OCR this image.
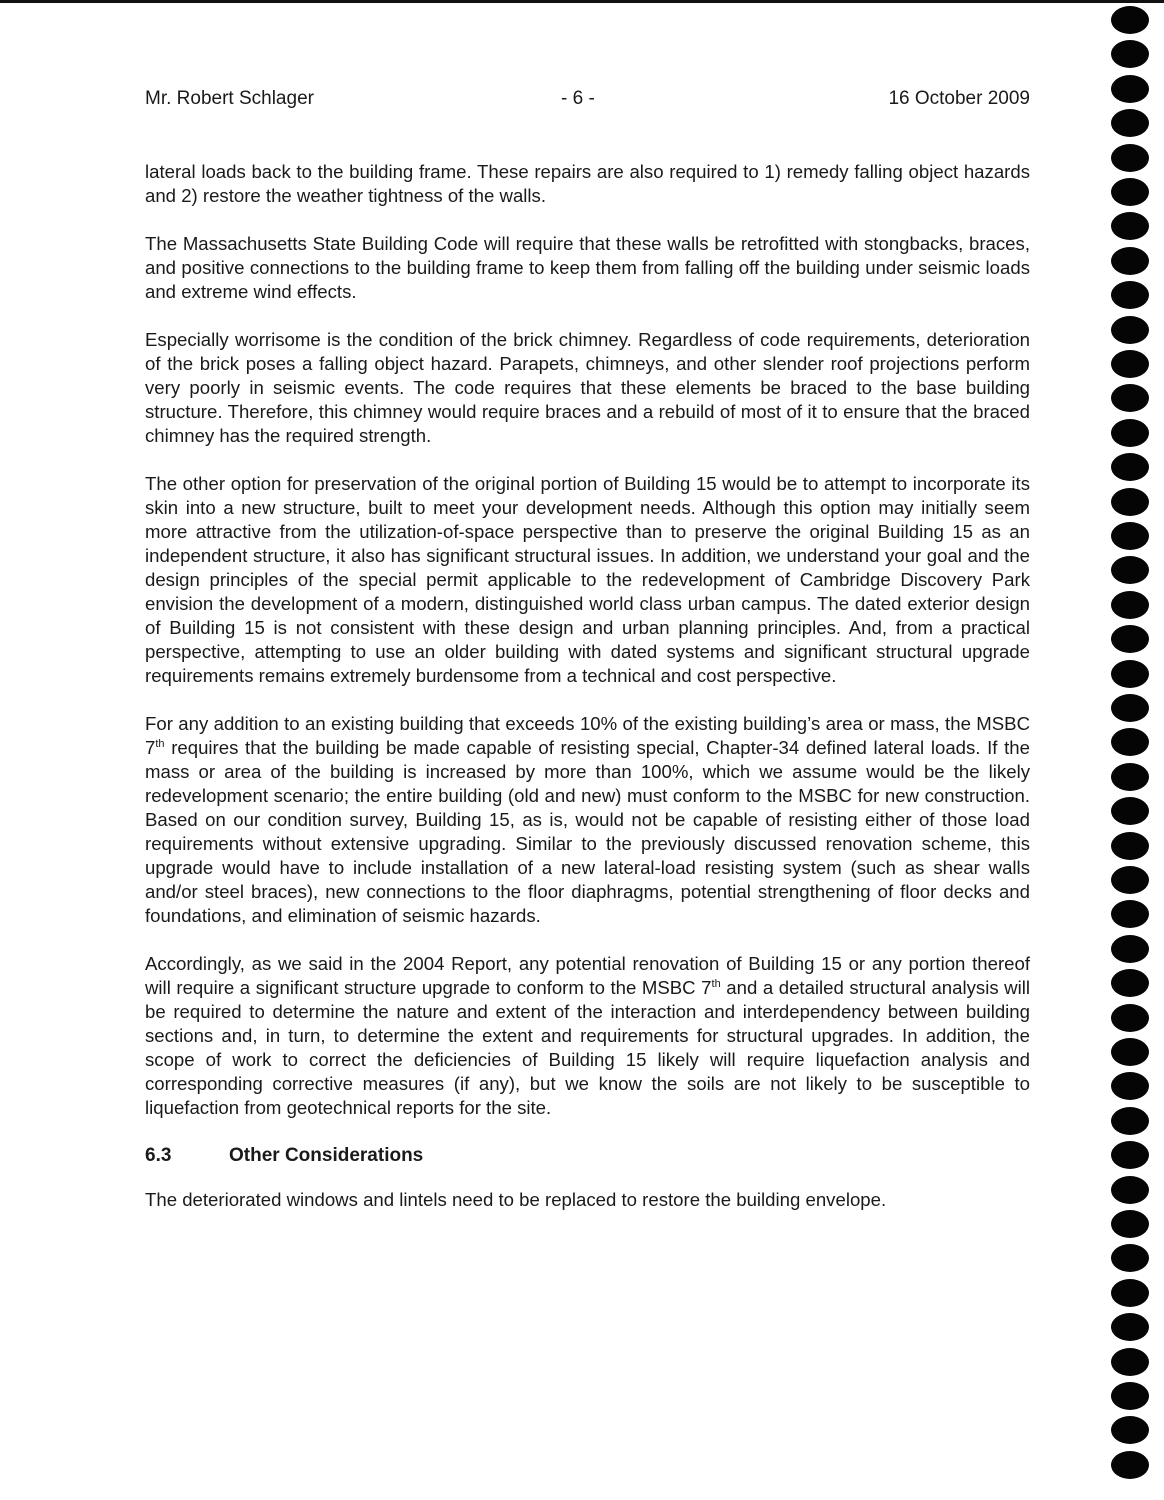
Mr. Robert Schlager	- 6 -	16 October 2009

lateral loads back to the building frame. These repairs are also required to 1) remedy falling object hazards and 2) restore the weather tightness of the walls.

The Massachusetts State Building Code will require that these walls be retrofitted with stongbacks, braces, and positive connections to the building frame to keep them from falling off the building under seismic loads and extreme wind effects.

Especially worrisome is the condition of the brick chimney. Regardless of code requirements, deterioration of the brick poses a falling object hazard. Parapets, chimneys, and other slender roof projections perform very poorly in seismic events. The code requires that these elements be braced to the base building structure. Therefore, this chimney would require braces and a rebuild of most of it to ensure that the braced chimney has the required strength.

The other option for preservation of the original portion of Building 15 would be to attempt to incorporate its skin into a new structure, built to meet your development needs. Although this option may initially seem more attractive from the utilization-of-space perspective than to preserve the original Building 15 as an independent structure, it also has significant structural issues. In addition, we understand your goal and the design principles of the special permit applicable to the redevelopment of Cambridge Discovery Park envision the development of a modern, distinguished world class urban campus. The dated exterior design of Building 15 is not consistent with these design and urban planning principles. And, from a practical perspective, attempting to use an older building with dated systems and significant structural upgrade requirements remains extremely burdensome from a technical and cost perspective.

For any addition to an existing building that exceeds 10% of the existing building’s area or mass, the MSBC 7th requires that the building be made capable of resisting special, Chapter-34 defined lateral loads. If the mass or area of the building is increased by more than 100%, which we assume would be the likely redevelopment scenario; the entire building (old and new) must conform to the MSBC for new construction. Based on our condition survey, Building 15, as is, would not be capable of resisting either of those load requirements without extensive upgrading. Similar to the previously discussed renovation scheme, this upgrade would have to include installation of a new lateral-load resisting system (such as shear walls and/or steel braces), new connections to the floor diaphragms, potential strengthening of floor decks and foundations, and elimination of seismic hazards.

Accordingly, as we said in the 2004 Report, any potential renovation of Building 15 or any portion thereof will require a significant structure upgrade to conform to the MSBC 7th and a detailed structural analysis will be required to determine the nature and extent of the interaction and interdependency between building sections and, in turn, to determine the extent and requirements for structural upgrades. In addition, the scope of work to correct the deficiencies of Building 15 likely will require liquefaction analysis and corresponding corrective measures (if any), but we know the soils are not likely to be susceptible to liquefaction from geotechnical reports for the site.

6.3	Other Considerations

The deteriorated windows and lintels need to be replaced to restore the building envelope.
